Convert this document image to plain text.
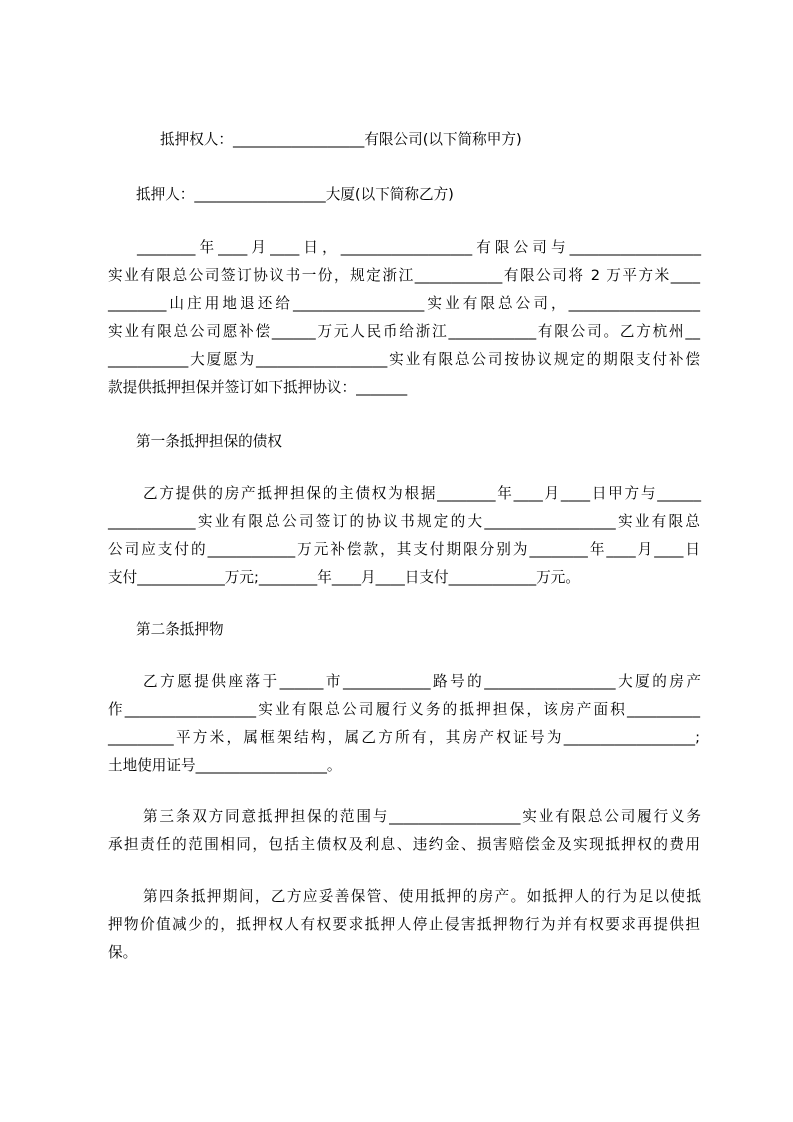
抵押权人：__________________有限公司(以下简称甲方)
抵押人：__________________大厦(以下简称乙方)
________年____月____日，__________________有限公司与__________________
实业有限总公司签订协议书一份，规定浙江____________有限公司将 2 万平方米____
________山庄用地退还给__________________实业有限总公司，__________________
实业有限总公司愿补偿______万元人民币给浙江____________有限公司。乙方杭州__
___________大厦愿为__________________实业有限总公司按协议规定的期限支付补偿
款提供抵押担保并签订如下抵押协议：_______
第一条抵押担保的债权
乙方提供的房产抵押担保的主债权为根据________年____月____日甲方与______
____________实业有限总公司签订的协议书规定的大__________________实业有限总
公司应支付的____________万元补偿款，其支付期限分别为________年____月____日
支付____________万元;________年____月____日支付____________万元。
第二条抵押物
乙方愿提供座落于______市____________路号的__________________大厦的房产
作__________________实业有限总公司履行义务的抵押担保，该房产面积__________
_________平方米，属框架结构，属乙方所有，其房产权证号为__________________;
土地使用证号__________________。
第三条双方同意抵押担保的范围与__________________实业有限总公司履行义务
承担责任的范围相同，包括主债权及利息、违约金、损害赔偿金及实现抵押权的费用
第四条抵押期间，乙方应妥善保管、使用抵押的房产。如抵押人的行为足以使抵
押物价值减少的，抵押权人有权要求抵押人停止侵害抵押物行为并有权要求再提供担
保。
